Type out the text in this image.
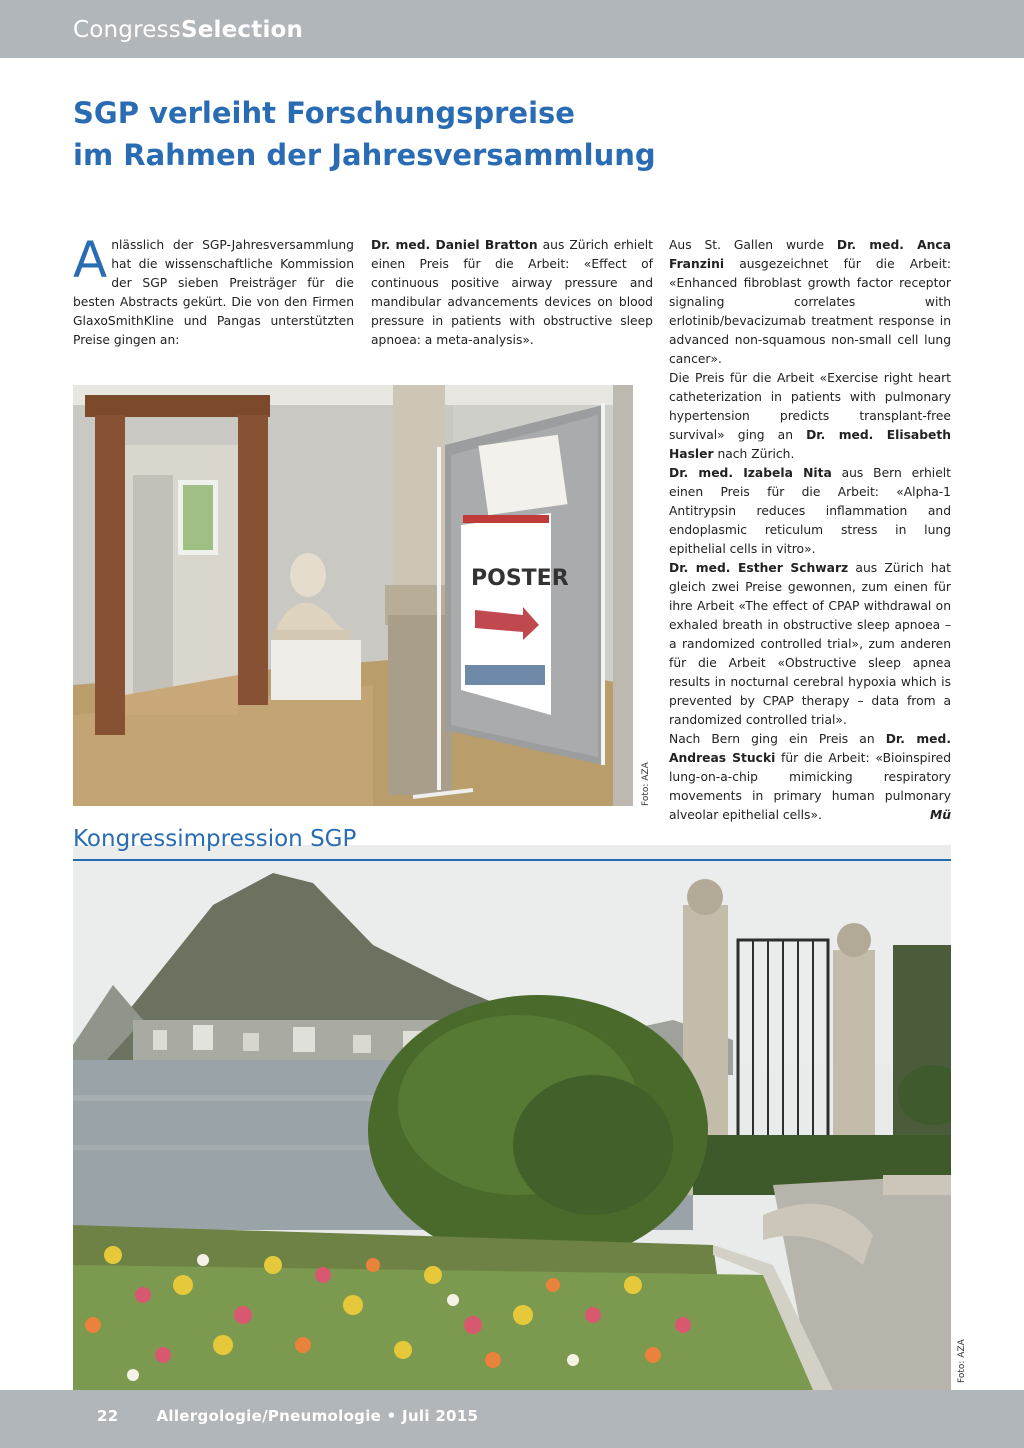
CongressSelection
SGP verleiht Forschungspreise
im Rahmen der Jahresversammlung

Anlässlich der SGP-Jahresversammlung hat die wissenschaftliche Kommission der SGP sieben Preisträger für die besten Abstracts gekürt. Die von den Firmen GlaxoSmithKline und Pangas unterstützten Preise gingen an:

Dr. med. Daniel Bratton aus Zürich erhielt einen Preis für die Arbeit: «Effect of continuous positive airway pressure and mandibular advancements devices on blood pressure in patients with obstructive sleep apnoea: a meta-analysis».

Aus St. Gallen wurde Dr. med. Anca Franzini ausgezeichnet für die Arbeit: «Enhanced fibroblast growth factor receptor signaling correlates with erlotinib/bevacizumab treatment response in advanced non-squamous non-small cell lung cancer».

Die Preis für die Arbeit «Exercise right heart catheterization in patients with pulmonary hypertension predicts transplant-free survival» ging an Dr. med. Elisabeth Hasler nach Zürich.

Dr. med. Izabela Nita aus Bern erhielt einen Preis für die Arbeit: «Alpha-1 Antitrypsin reduces inflammation and endoplasmic reticulum stress in lung epithelial cells in vitro».

Dr. med. Esther Schwarz aus Zürich hat gleich zwei Preise gewonnen, zum einen für ihre Arbeit «The effect of CPAP withdrawal on exhaled breath in obstructive sleep apnoea – a randomized controlled trial», zum anderen für die Arbeit «Obstructive sleep apnea results in nocturnal cerebral hypoxia which is prevented by CPAP therapy – data from a randomized controlled trial».

Nach Bern ging ein Preis an Dr. med. Andreas Stucki für die Arbeit: «Bioinspired lung-on-a-chip mimicking respiratory movements in primary human pulmonary alveolar epithelial cells».	Mü

POSTER
Foto: AZA
Kongressimpression SGP
Foto: AZA
22	Allergologie/Pneumologie • Juli 2015
